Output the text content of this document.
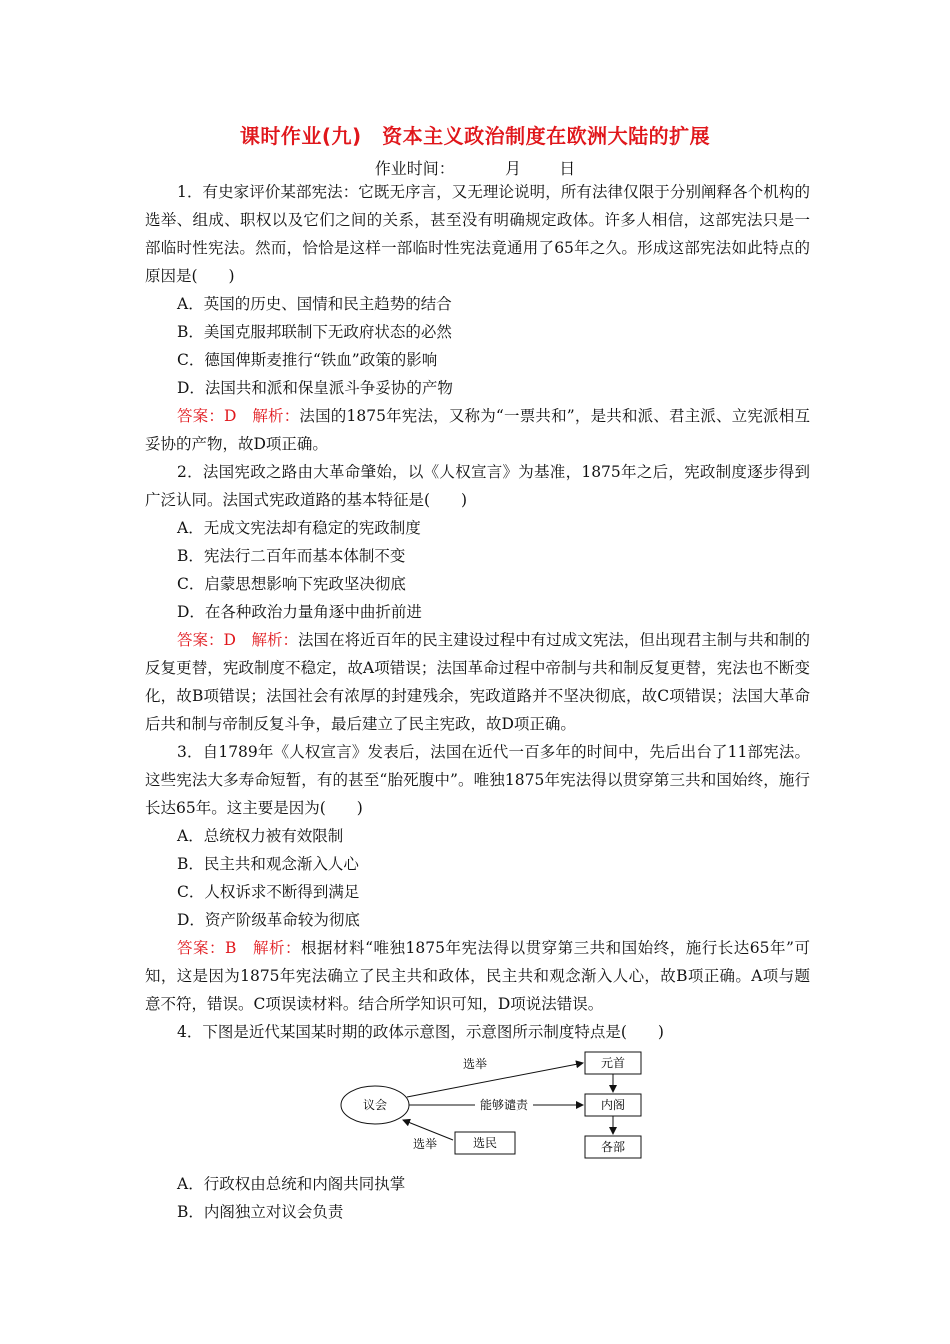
课时作业(九)　资本主义政治制度在欧洲大陆的扩展
作业时间：	月 日

1．有史家评价某部宪法：它既无序言，又无理论说明，所有法律仅限于分别阐释各个机构的选举、组成、职权以及它们之间的关系，甚至没有明确规定政体。许多人相信，这部宪法只是一部临时性宪法。然而，恰恰是这样一部临时性宪法竟通用了65年之久。形成这部宪法如此特点的原因是(　　)

A．英国的历史、国情和民主趋势的结合

B．美国克服邦联制下无政府状态的必然

C．德国俾斯麦推行“铁血”政策的影响

D．法国共和派和保皇派斗争妥协的产物

答案：D　解析：法国的1875年宪法，又称为“一票共和”，是共和派、君主派、立宪派相互妥协的产物，故D项正确。

2．法国宪政之路由大革命肇始，以《人权宣言》为基准，1875年之后，宪政制度逐步得到广泛认同。法国式宪政道路的基本特征是(　　)

A．无成文宪法却有稳定的宪政制度

B．宪法行二百年而基本体制不变

C．启蒙思想影响下宪政坚决彻底

D．在各种政治力量角逐中曲折前进

答案：D　解析：法国在将近百年的民主建设过程中有过成文宪法，但出现君主制与共和制的反复更替，宪政制度不稳定，故A项错误；法国革命过程中帝制与共和制反复更替，宪法也不断变化，故B项错误；法国社会有浓厚的封建残余，宪政道路并不坚决彻底，故C项错误；法国大革命后共和制与帝制反复斗争，最后建立了民主宪政，故D项正确。

3．自1789年《人权宣言》发表后，法国在近代一百多年的时间中，先后出台了11部宪法。这些宪法大多寿命短暂，有的甚至“胎死腹中”。唯独1875年宪法得以贯穿第三共和国始终，施行长达65年。这主要是因为(　　)

A．总统权力被有效限制

B．民主共和观念渐入人心

C．人权诉求不断得到满足

D．资产阶级革命较为彻底

答案：B　解析：根据材料“唯独1875年宪法得以贯穿第三共和国始终，施行长达65年”可知，这是因为1875年宪法确立了民主共和政体，民主共和观念渐入人心，故B项正确。A项与题意不符，错误。C项误读材料。结合所学知识可知，D项说法错误。

4．下图是近代某国某时期的政体示意图，示意图所示制度特点是(　　)

议会
元首
内阁
各部
选民
选举
能够谴责
选举

A．行政权由总统和内阁共同执掌

B．内阁独立对议会负责
